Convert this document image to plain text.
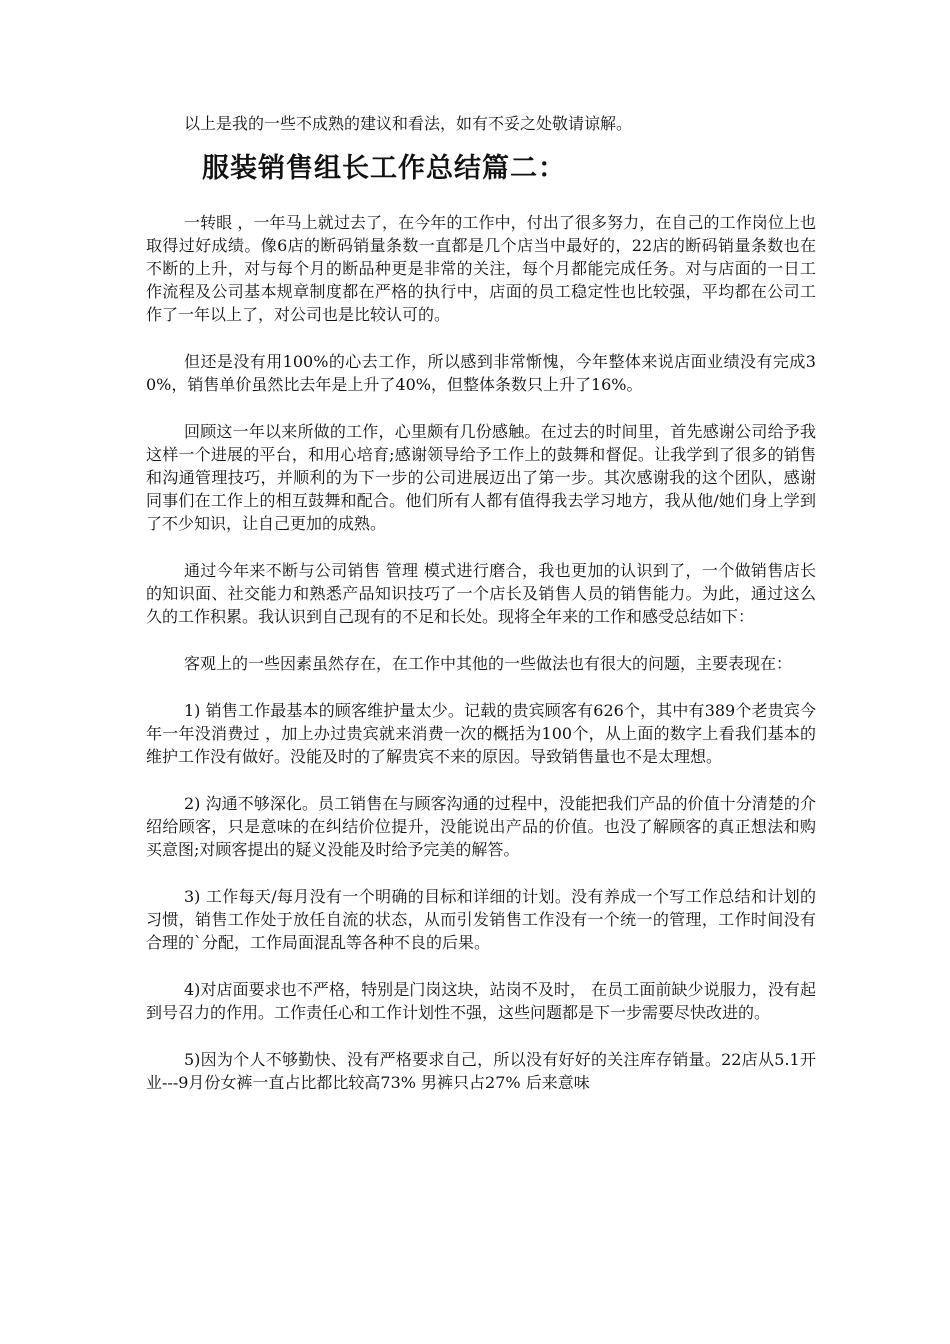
以上是我的一些不成熟的建议和看法，如有不妥之处敬请谅解。

服装销售组长工作总结篇二：

一转眼 ，一年马上就过去了，在今年的工作中，付出了很多努力，在自己的工作岗位上也取得过好成绩。像6店的断码销量条数一直都是几个店当中最好的，22店的断码销量条数也在不断的上升，对与每个月的断品种更是非常的关注，每个月都能完成任务。对与店面的一日工作流程及公司基本规章制度都在严格的执行中，店面的员工稳定性也比较强，平均都在公司工作了一年以上了，对公司也是比较认可的。

但还是没有用100%的心去工作，所以感到非常惭愧，今年整体来说店面业绩没有完成30%，销售单价虽然比去年是上升了40%，但整体条数只上升了16%。

回顾这一年以来所做的工作，心里颇有几份感触。在过去的时间里，首先感谢公司给予我这样一个进展的平台，和用心培育;感谢领导给予工作上的鼓舞和督促。让我学到了很多的销售和沟通管理技巧，并顺利的为下一步的公司进展迈出了第一步。其次感谢我的这个团队，感谢同事们在工作上的相互鼓舞和配合。他们所有人都有值得我去学习地方，我从他/她们身上学到了不少知识，让自己更加的成熟。

通过今年来不断与公司销售 管理 模式进行磨合，我也更加的认识到了，一个做销售店长的知识面、社交能力和熟悉产品知识技巧了一个店长及销售人员的销售能力。为此，通过这么久的工作积累。我认识到自己现有的不足和长处。现将全年来的工作和感受总结如下：

客观上的一些因素虽然存在，在工作中其他的一些做法也有很大的问题，主要表现在：

1) 销售工作最基本的顾客维护量太少。记载的贵宾顾客有626个，其中有389个老贵宾今年一年没消费过 ，加上办过贵宾就来消费一次的概括为100个，从上面的数字上看我们基本的维护工作没有做好。没能及时的了解贵宾不来的原因。导致销售量也不是太理想。

2) 沟通不够深化。员工销售在与顾客沟通的过程中，没能把我们产品的价值十分清楚的介绍给顾客，只是意味的在纠结价位提升，没能说出产品的价值。也没了解顾客的真正想法和购买意图;对顾客提出的疑义没能及时给予完美的解答。

3) 工作每天/每月没有一个明确的目标和详细的计划。没有养成一个写工作总结和计划的习惯，销售工作处于放任自流的状态，从而引发销售工作没有一个统一的管理，工作时间没有合理的`分配，工作局面混乱等各种不良的后果。

4)对店面要求也不严格，特别是门岗这块，站岗不及时， 在员工面前缺少说服力，没有起到号召力的作用。工作责任心和工作计划性不强，这些问题都是下一步需要尽快改进的。

5)因为个人不够勤快、没有严格要求自己，所以没有好好的关注库存销量。22店从5.1开业---9月份女裤一直占比都比较高73% 男裤只占27% 后来意味
